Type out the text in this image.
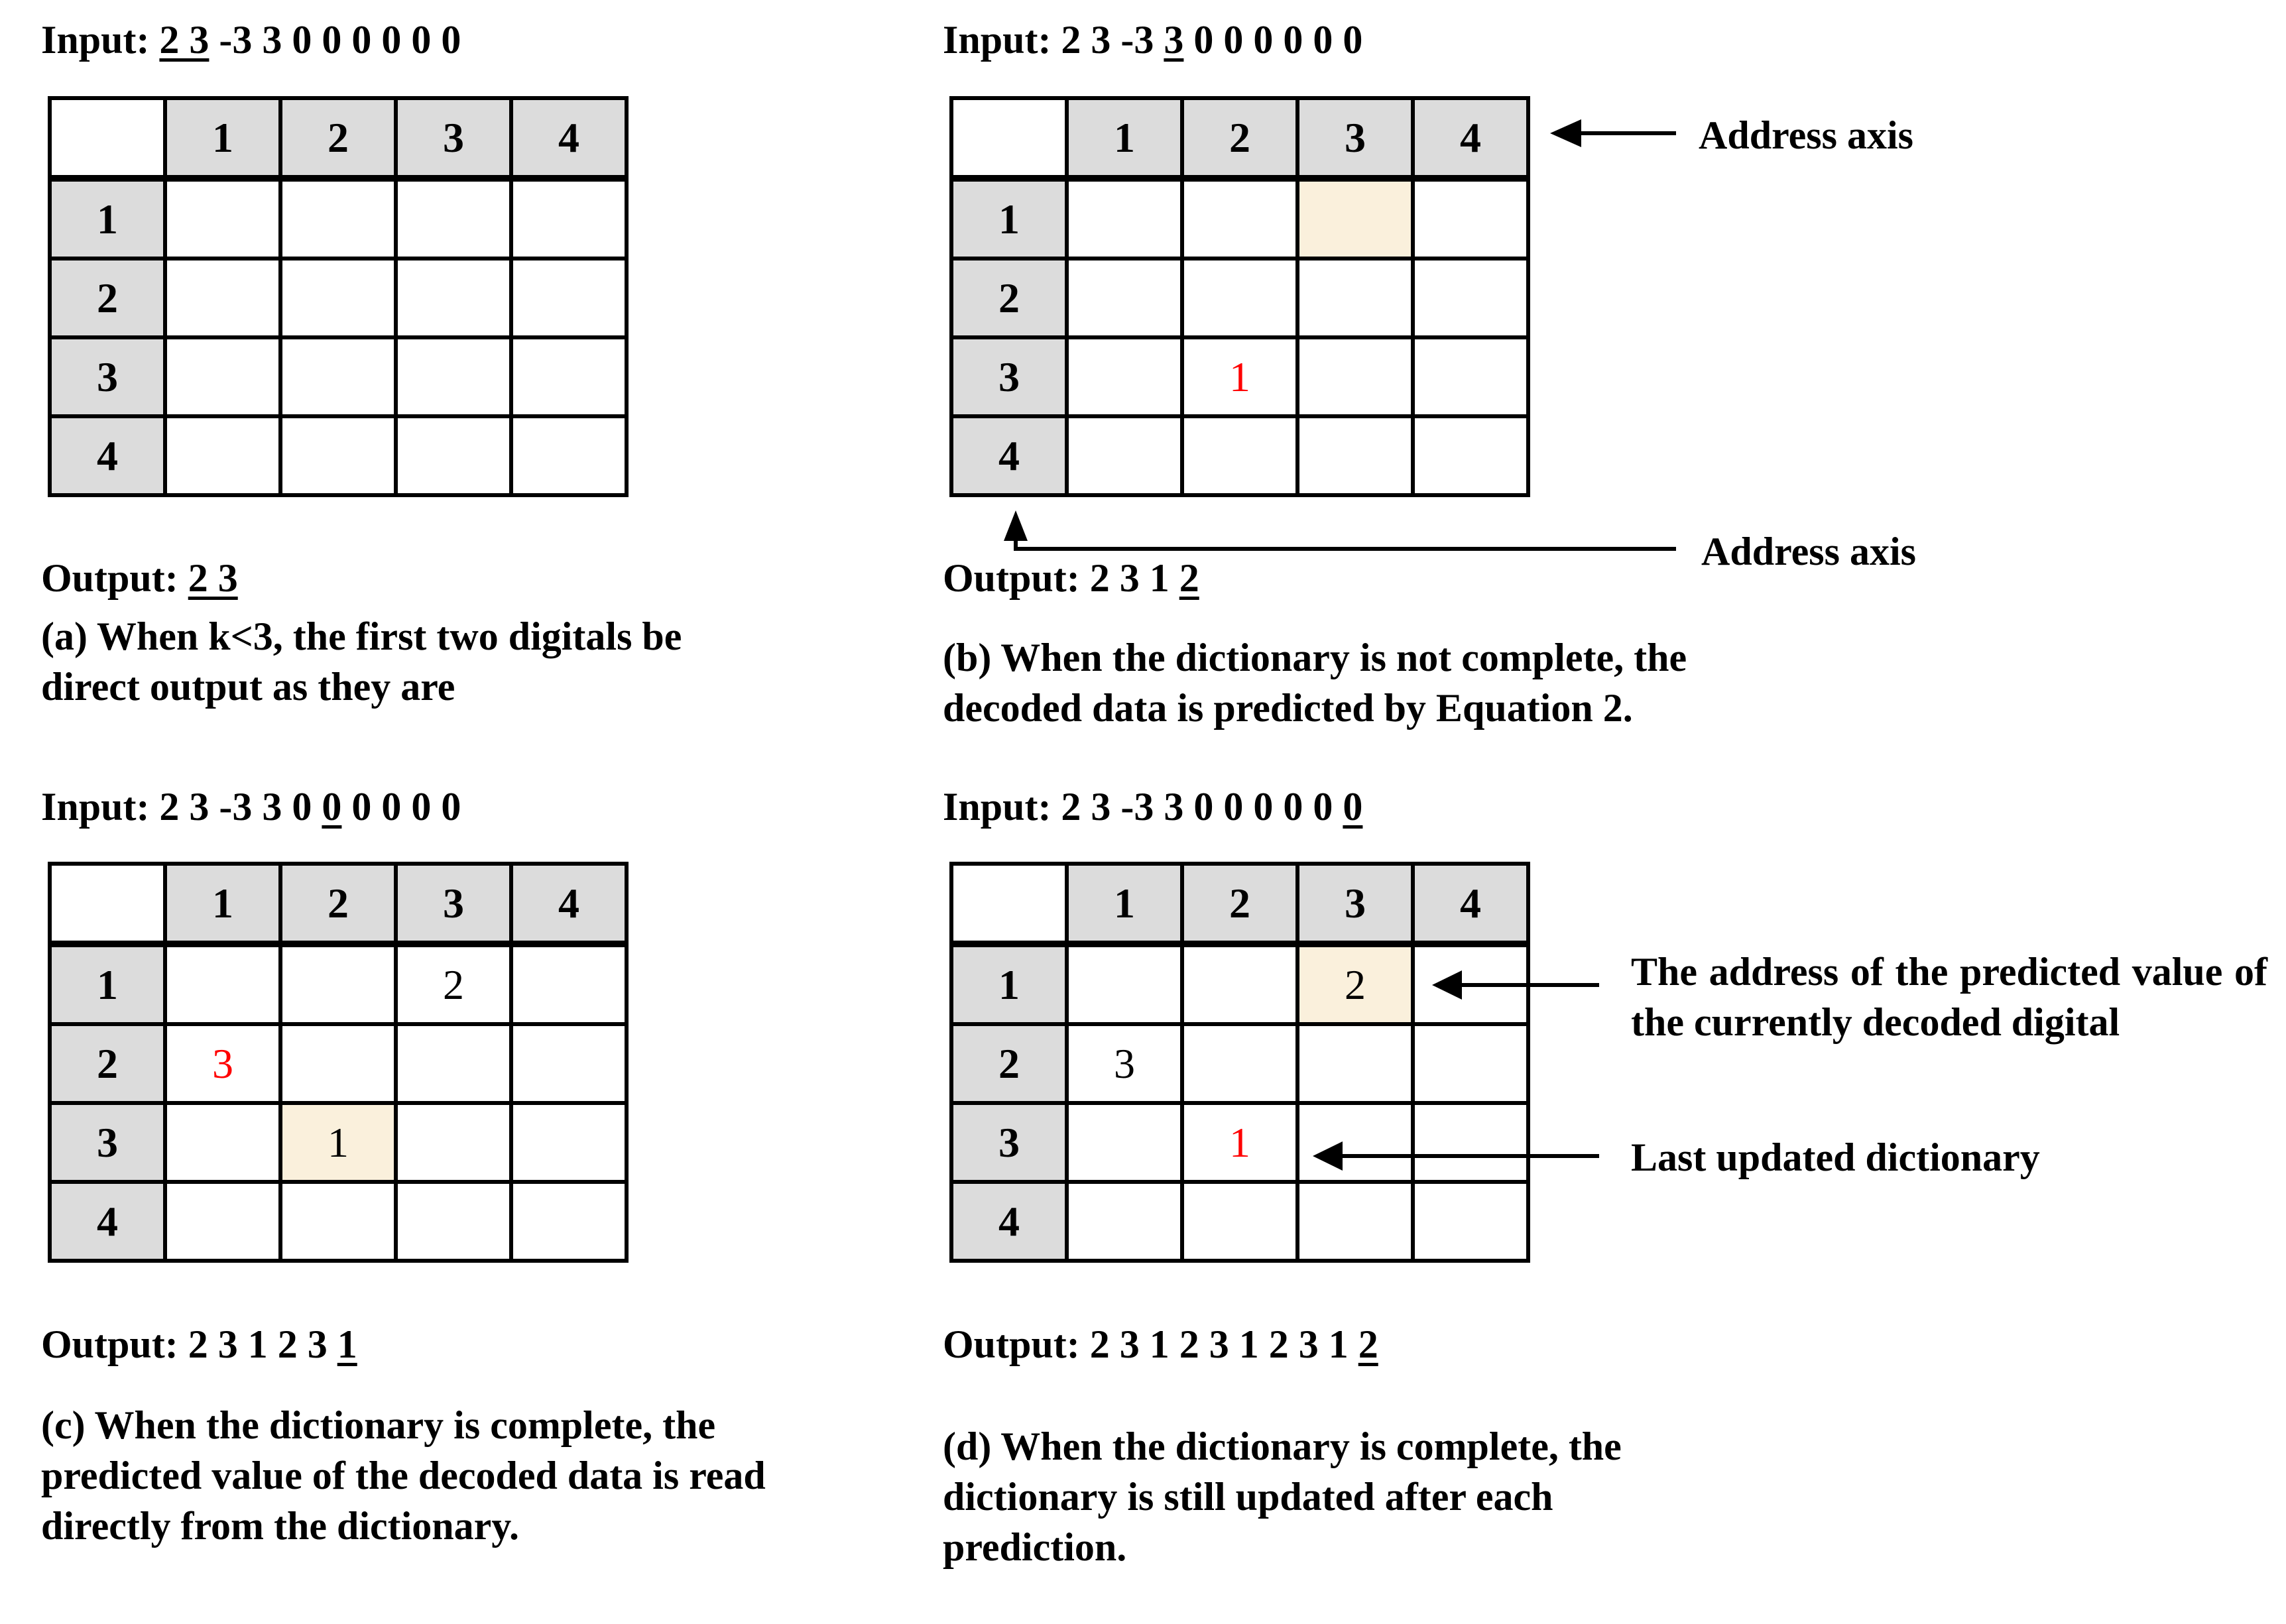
Input: 2 3 -3 3 0 0 0 0 0 0
	1	2	3	4
1				
2				
3				
4				
Output: 2 3
(a) When k<3, the first two digitals be direct output as they are
Input: 2 3 -3 3 0 0 0 0 0 0
	1	2	3	4
1				
2				
3		1		
4				
Address axis
Address axis
Output: 2 3 1 2
(b) When the dictionary is not complete, the decoded data is predicted by Equation 2.
Input: 2 3 -3 3 0 0 0 0 0 0
	1	2	3	4
1			2	
2	3			
3		1		
4				
Output: 2 3 1 2 3 1
(c) When the dictionary is complete, the predicted value of the decoded data is read directly from the dictionary.
Input: 2 3 -3 3 0 0 0 0 0 0
	1	2	3	4
1			2	
2	3			
3		1		
4				
The address of the predicted value of the currently decoded digital
Last updated dictionary
Output: 2 3 1 2 3 1 2 3 1 2
(d) When the dictionary is complete, the dictionary is still updated after each prediction.
